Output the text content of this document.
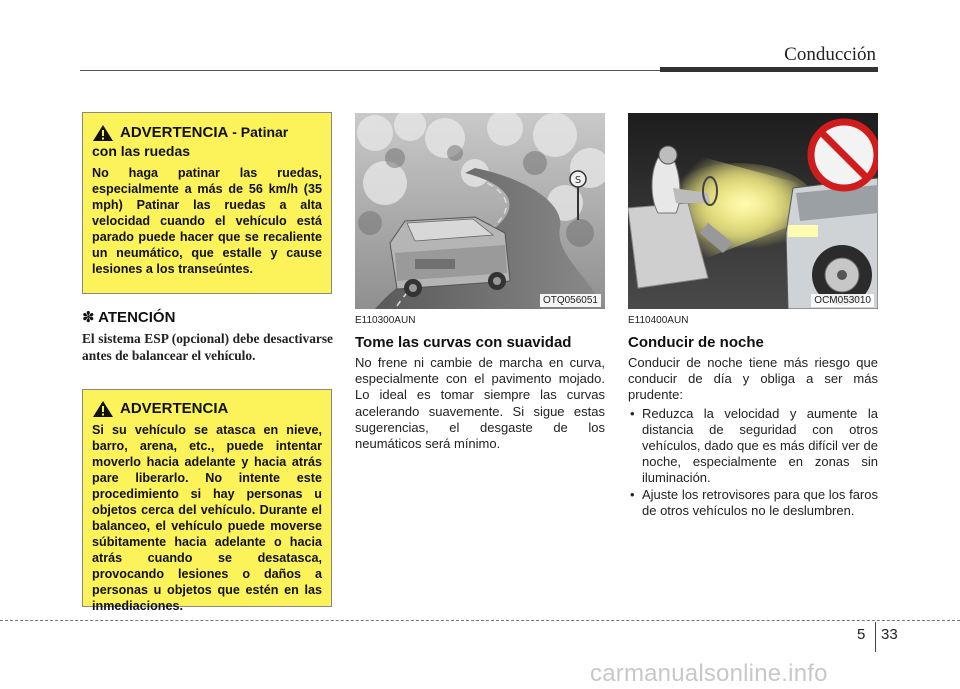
Conducción
ADVERTENCIA - Patinar
con las ruedas
No haga patinar las ruedas, especialmente a más de 56 km/h (35 mph) Patinar las ruedas a alta velocidad cuando el vehículo está parado puede hacer que se recaliente un neumático, que estalle y cause lesiones a los transeúntes.
✽ ATENCIÓN
El sistema ESP (opcional) debe desactivarse antes de balancear el vehículo.
ADVERTENCIA
Si su vehículo se atasca en nieve, barro, arena, etc., puede intentar moverlo hacia adelante y hacia atrás pare liberarlo. No intente este procedimiento si hay personas u objetos cerca del vehículo. Durante el balanceo, el vehículo puede moverse súbitamente hacia adelante o hacia atrás cuando se desatasca, provocando lesiones o daños a personas u objetos que estén en las inmediaciones.
S
OTQ056051	OCM053010
E110300AUN
Tome las curvas con suavidad
No frene ni cambie de marcha en curva, especialmente con el pavimento mojado. Lo ideal es tomar siempre las curvas acelerando suavemente. Si sigue estas sugerencias, el desgaste de los neumáticos será mínimo.
E110400AUN
Conducir de noche
Conducir de noche tiene más riesgo que conducir de día y obliga a ser más prudente:
• Reduzca la velocidad y aumente la distancia de seguridad con otros vehículos, dado que es más difícil ver de noche, especialmente en zonas sin iluminación.
• Ajuste los retrovisores para que los faros de otros vehículos no le deslumbren.
5 33
carmanualsonline.info
